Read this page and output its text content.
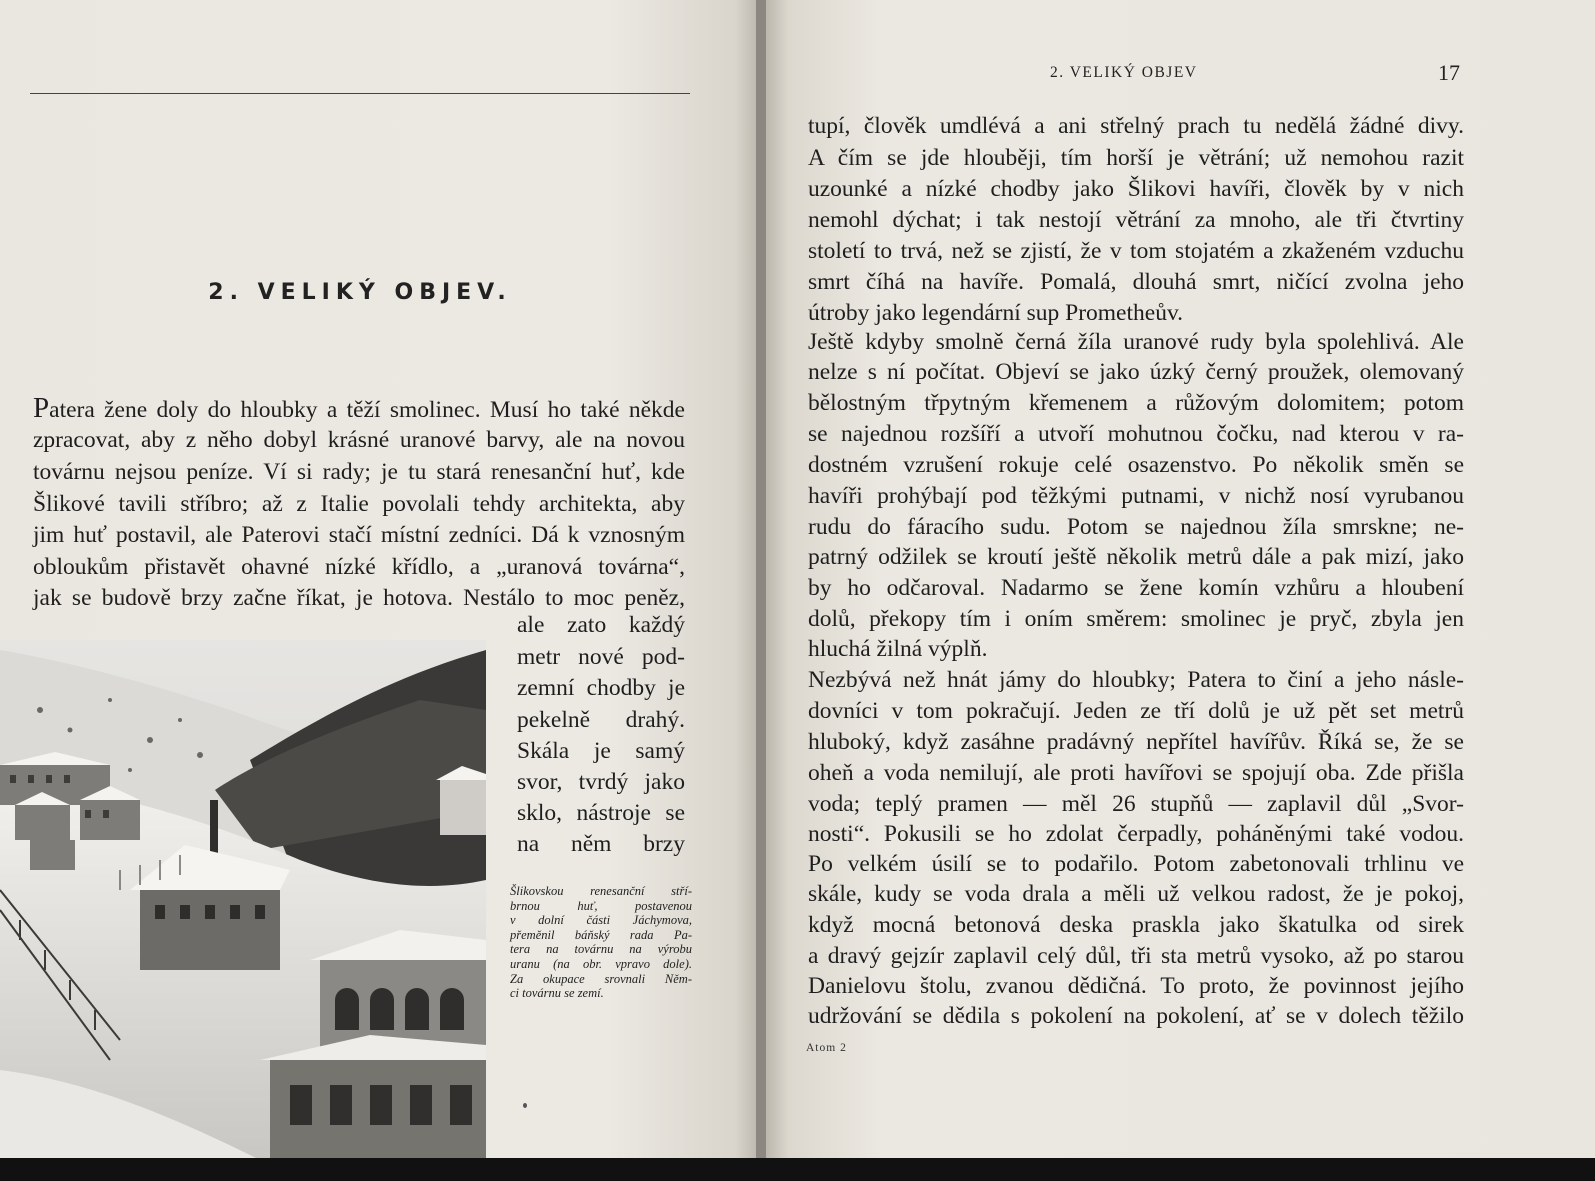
2. VELIKÝ OBJEV.
Patera žene doly do hloubky a těží smolinec. Musí ho také někde
zpracovat, aby z něho dobyl krásné uranové barvy, ale na novou
továrnu nejsou peníze. Ví si rady; je tu stará renesanční huť, kde
Šlikové tavili stříbro; až z Italie povolali tehdy architekta, aby
jim huť postavil, ale Paterovi stačí místní zedníci. Dá k vznosným
obloukům přistavět ohavné nízké křídlo, a „uranová továrna“,
jak se budově brzy začne říkat, je hotova. Nestálo to moc peněz,
ale zato každý
metr nové pod-
zemní chodby je
pekelně drahý.
Skála je samý
svor, tvrdý jako
sklo, nástroje se
na něm brzy
Šlikovskou renesanční stří-
brnou huť, postavenou
v dolní části Jáchymova,
přeměnil báňský rada Pa-
tera na továrnu na výrobu
uranu (na obr. vpravo dole).
Za okupace srovnali Něm-
ci továrnu se zemí.
2. VELIKÝ OBJEV	17
tupí, člověk umdlévá a ani střelný prach tu nedělá žádné divy.
A čím se jde hlouběji, tím horší je větrání; už nemohou razit
uzounké a nízké chodby jako Šlikovi havíři, člověk by v nich
nemohl dýchat; i tak nestojí větrání za mnoho, ale tři čtvrtiny
století to trvá, než se zjistí, že v tom stojatém a zkaženém vzduchu
smrt číhá na havíře. Pomalá, dlouhá smrt, ničící zvolna jeho
útroby jako legendární sup Prometheův.
Ještě kdyby smolně černá žíla uranové rudy byla spolehlivá. Ale
nelze s ní počítat. Objeví se jako úzký černý proužek, olemovaný
bělostným třpytným křemenem a růžovým dolomitem; potom
se najednou rozšíří a utvoří mohutnou čočku, nad kterou v ra-
dostném vzrušení rokuje celé osazenstvo. Po několik směn se
havíři prohýbají pod těžkými putnami, v nichž nosí vyrubanou
rudu do fáracího sudu. Potom se najednou žíla smrskne; ne-
patrný odžilek se kroutí ještě několik metrů dále a pak mizí, jako
by ho odčaroval. Nadarmo se žene komín vzhůru a hloubení
dolů, překopy tím i oním směrem: smolinec je pryč, zbyla jen
hluchá žilná výplň.
Nezbývá než hnát jámy do hloubky; Patera to činí a jeho násle-
dovníci v tom pokračují. Jeden ze tří dolů je už pět set metrů
hluboký, když zasáhne pradávný nepřítel havířův. Říká se, že se
oheň a voda nemilují, ale proti havířovi se spojují oba. Zde přišla
voda; teplý pramen — měl 26 stupňů — zaplavil důl „Svor-
nosti“. Pokusili se ho zdolat čerpadly, poháněnými také vodou.
Po velkém úsilí se to podařilo. Potom zabetonovali trhlinu ve
skále, kudy se voda drala a měli už velkou radost, že je pokoj,
když mocná betonová deska praskla jako škatulka od sirek
a dravý gejzír zaplavil celý důl, tři sta metrů vysoko, až po starou
Danielovu štolu, zvanou dědičná. To proto, že povinnost jejího
udržování se dědila s pokolení na pokolení, ať se v dolech těžilo
Atom 2
